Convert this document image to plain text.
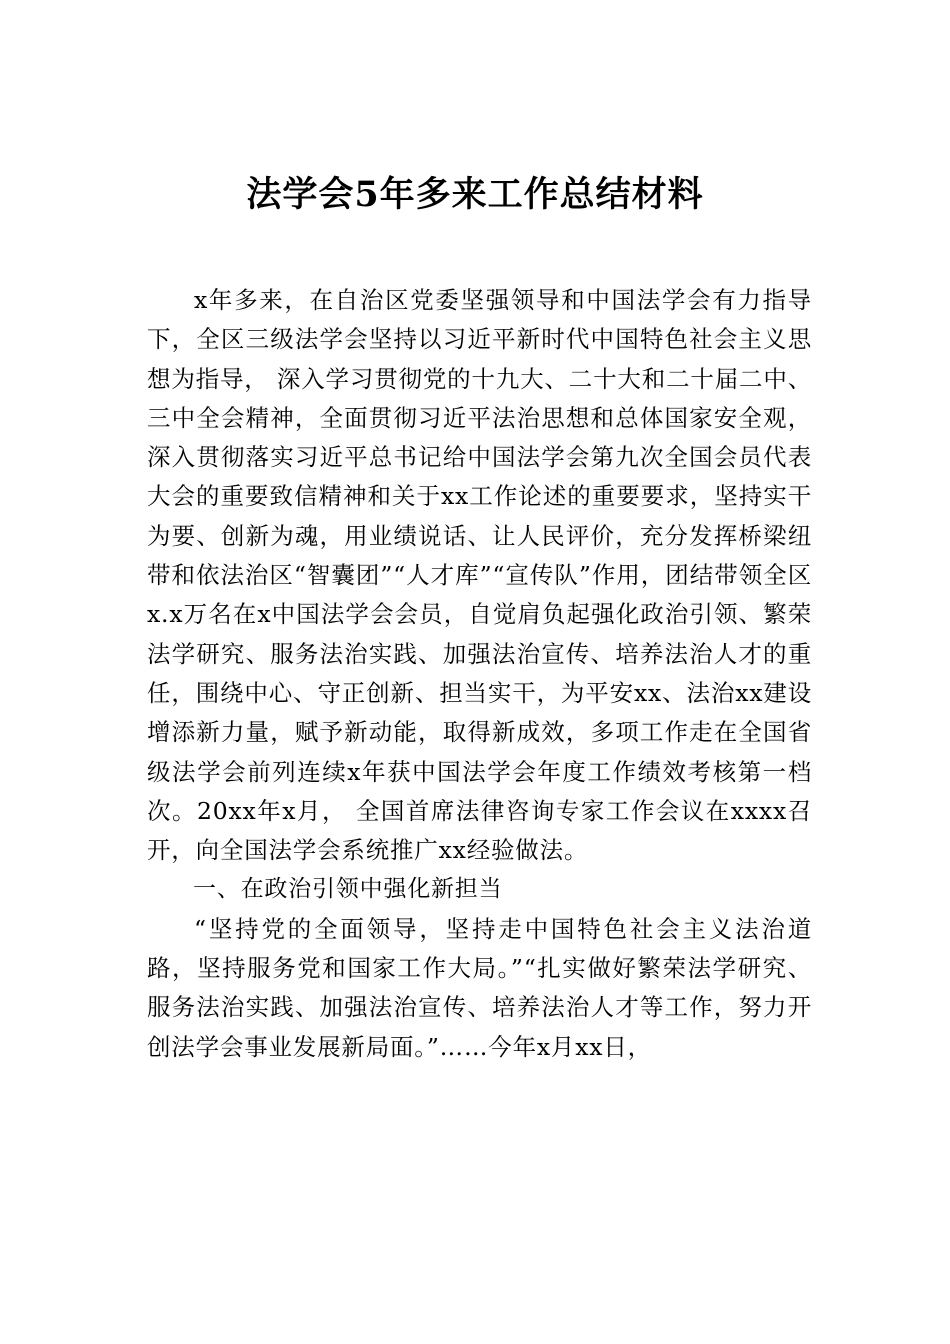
法学会5年多来工作总结材料

x年多来，在自治区党委坚强领导和中国法学会有力指导下，全区三级法学会坚持以习近平新时代中国特色社会主义思想为指导， 深入学习贯彻党的十九大、二十大和二十届二中、三中全会精神，全面贯彻习近平法治思想和总体国家安全观，深入贯彻落实习近平总书记给中国法学会第九次全国会员代表大会的重要致信精神和关于xx工作论述的重要要求，坚持实干为要、创新为魂，用业绩说话、让人民评价，充分发挥桥梁纽带和依法治区“智囊团”“人才库”“宣传队”作用，团结带领全区x.x万名在x中国法学会会员，自觉肩负起强化政治引领、繁荣法学研究、服务法治实践、加强法治宣传、培养法治人才的重任，围绕中心、守正创新、担当实干，为平安xx、法治xx建设增添新力量，赋予新动能，取得新成效，多项工作走在全国省级法学会前列连续x年获中国法学会年度工作绩效考核第一档次。20xx年x月， 全国首席法律咨询专家工作会议在xxxx召开，向全国法学会系统推广xx经验做法。

一、在政治引领中强化新担当

“坚持党的全面领导，坚持走中国特色社会主义法治道路，坚持服务党和国家工作大局。”“扎实做好繁荣法学研究、服务法治实践、加强法治宣传、培养法治人才等工作，努力开创法学会事业发展新局面。”……今年x月xx日，
